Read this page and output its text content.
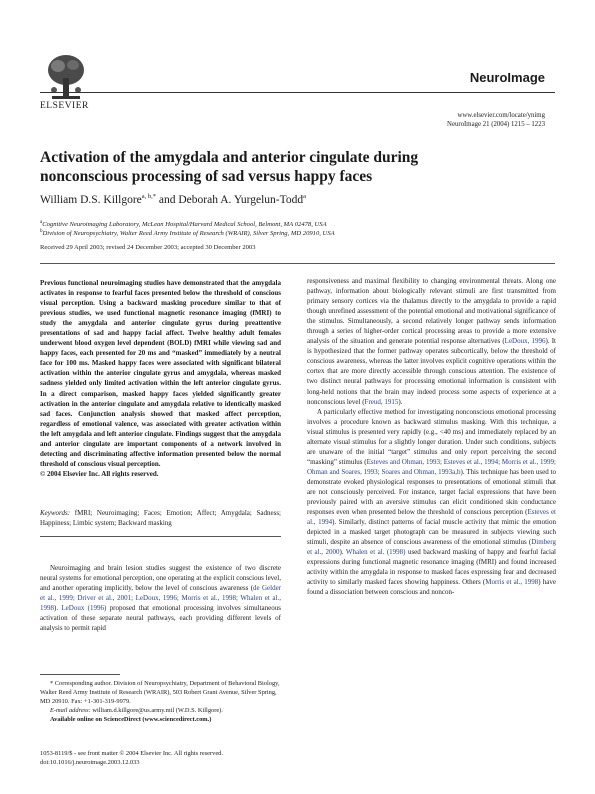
ELSEVIER
NeuroImage
www.elsevier.com/locate/ynimg
NeuroImage 21 (2004) 1215 – 1223
Activation of the amygdala and anterior cingulate during nonconscious processing of sad versus happy faces
William D.S. Killgore$^{a, b,*}$ and Deborah A. Yurgelun-Todd$^a$
$^a$Cognitive Neuroimaging Laboratory, McLean Hospital/Harvard Medical School, Belmont, MA 02478, USA
$^b$Division of Neuropsychiatry, Walter Reed Army Institute of Research (WRAIR), Silver Spring, MD 20910, USA
Received 29 April 2003; revised 24 December 2003; accepted 30 December 2003
Previous functional neuroimaging studies have demonstrated that the amygdala activates in response to fearful faces presented below the threshold of conscious visual perception. Using a backward masking procedure similar to that of previous studies, we used functional magnetic resonance imaging (fMRI) to study the amygdala and anterior cingulate gyrus during preattentive presentations of sad and happy facial affect. Twelve healthy adult females underwent blood oxygen level dependent (BOLD) fMRI while viewing sad and happy faces, each presented for 20 ms and “masked” immediately by a neutral face for 100 ms. Masked happy faces were associated with significant bilateral activation within the anterior cingulate gyrus and amygdala, whereas masked sadness yielded only limited activation within the left anterior cingulate gyrus. In a direct comparison, masked happy faces yielded significantly greater activation in the anterior cingulate and amygdala relative to identically masked sad faces. Conjunction analysis showed that masked affect perception, regardless of emotional valence, was associated with greater activation within the left amygdala and left anterior cingulate. Findings suggest that the amygdala and anterior cingulate are important components of a network involved in detecting and discriminating affective information presented below the normal threshold of conscious visual perception.
© 2004 Elsevier Inc. All rights reserved.
Keywords: fMRI; Neuroimaging; Faces; Emotion; Affect; Amygdala; Sadness; Happiness; Limbic system; Backward masking

Neuroimaging and brain lesion studies suggest the existence of two discrete neural systems for emotional perception, one operating at the explicit conscious level, and another operating implicitly, below the level of conscious awareness (de Gelder et al., 1999; Driver et al., 2001; LeDoux, 1996; Morris et al., 1998; Whalen et al., 1998). LeDoux (1996) proposed that emotional processing involves simultaneous activation of these separate neural pathways, each providing different levels of analysis to permit rapid

* Corresponding author. Division of Neuropsychiatry, Department of Behavioral Biology, Walter Reed Army Institute of Research (WRAIR), 503 Robert Grant Avenue, Silver Spring, MD 20910. Fax: +1-301-319-9979.
E-mail address: william.d.killgore@us.army.mil (W.D.S. Killgore).
Available online on ScienceDirect (www.sciencedirect.com.)
1053-8119/$ - see front matter © 2004 Elsevier Inc. All rights reserved.
doi:10.1016/j.neuroimage.2003.12.033

responsiveness and maximal flexibility to changing environmental threats. Along one pathway, information about biologically relevant stimuli are first transmitted from primary sensory cortices via the thalamus directly to the amygdala to provide a rapid though unrefined assessment of the potential emotional and motivational significance of the stimulus. Simultaneously, a second relatively longer pathway sends information through a series of higher-order cortical processing areas to provide a more extensive analysis of the situation and generate potential response alternatives (LeDoux, 1996). It is hypothesized that the former pathway operates subcortically, below the threshold of conscious awareness, whereas the latter involves explicit cognitive operations within the cortex that are more directly accessible through conscious attention. The existence of two distinct neural pathways for processing emotional information is consistent with long-held notions that the brain may indeed process some aspects of experience at a nonconscious level (Freud, 1915).

A particularly effective method for investigating nonconscious emotional processing involves a procedure known as backward stimulus masking. With this technique, a visual stimulus is presented very rapidly (e.g., <40 ms) and immediately replaced by an alternate visual stimulus for a slightly longer duration. Under such conditions, subjects are unaware of the initial “target” stimulus and only report perceiving the second “masking” stimulus (Esteves and Ohman, 1993; Esteves et al., 1994; Morris et al., 1999; Ohman and Soares, 1993; Soares and Ohman, 1993a,b). This technique has been used to demonstrate evoked physiological responses to presentations of emotional stimuli that are not consciously perceived. For instance, target facial expressions that have been previously paired with an aversive stimulus can elicit conditioned skin conductance responses even when presented below the threshold of conscious perception (Esteves et al., 1994). Similarly, distinct patterns of facial muscle activity that mimic the emotion depicted in a masked target photograph can be measured in subjects viewing such stimuli, despite an absence of conscious awareness of the emotional stimulus (Dimberg et al., 2000). Whalen et al. (1998) used backward masking of happy and fearful facial expressions during functional magnetic resonance imaging (fMRI) and found increased activity within the amygdala in response to masked faces expressing fear and decreased activity to similarly masked faces showing happiness. Others (Morris et al., 1998) have found a dissociation between conscious and noncon-
